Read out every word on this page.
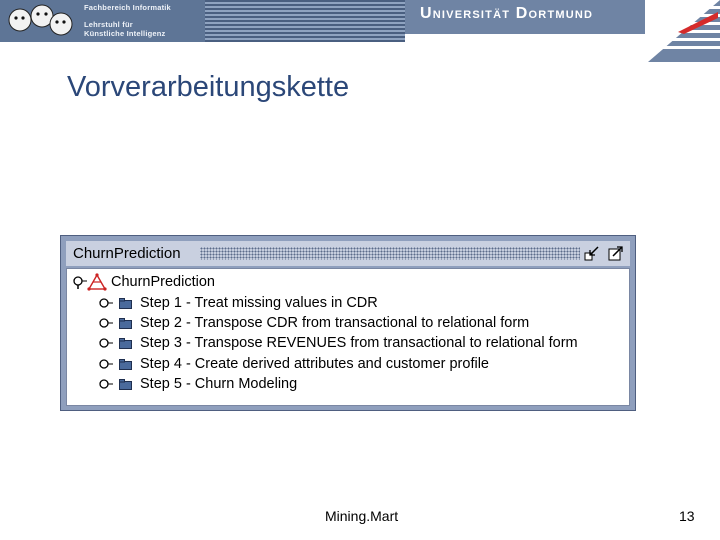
Fachbereich Informatik
Lehrstuhl für
Künstliche Intelligenz
Universität Dortmund
Vorverarbeitungskette
ChurnPrediction
ChurnPrediction
Step 1 - Treat missing values in CDR
Step 2 - Transpose CDR from transactional to relational form
Step 3 - Transpose REVENUES from transactional to relational form
Step 4 - Create derived attributes and customer profile
Step 5 - Churn Modeling
Mining.Mart	13
